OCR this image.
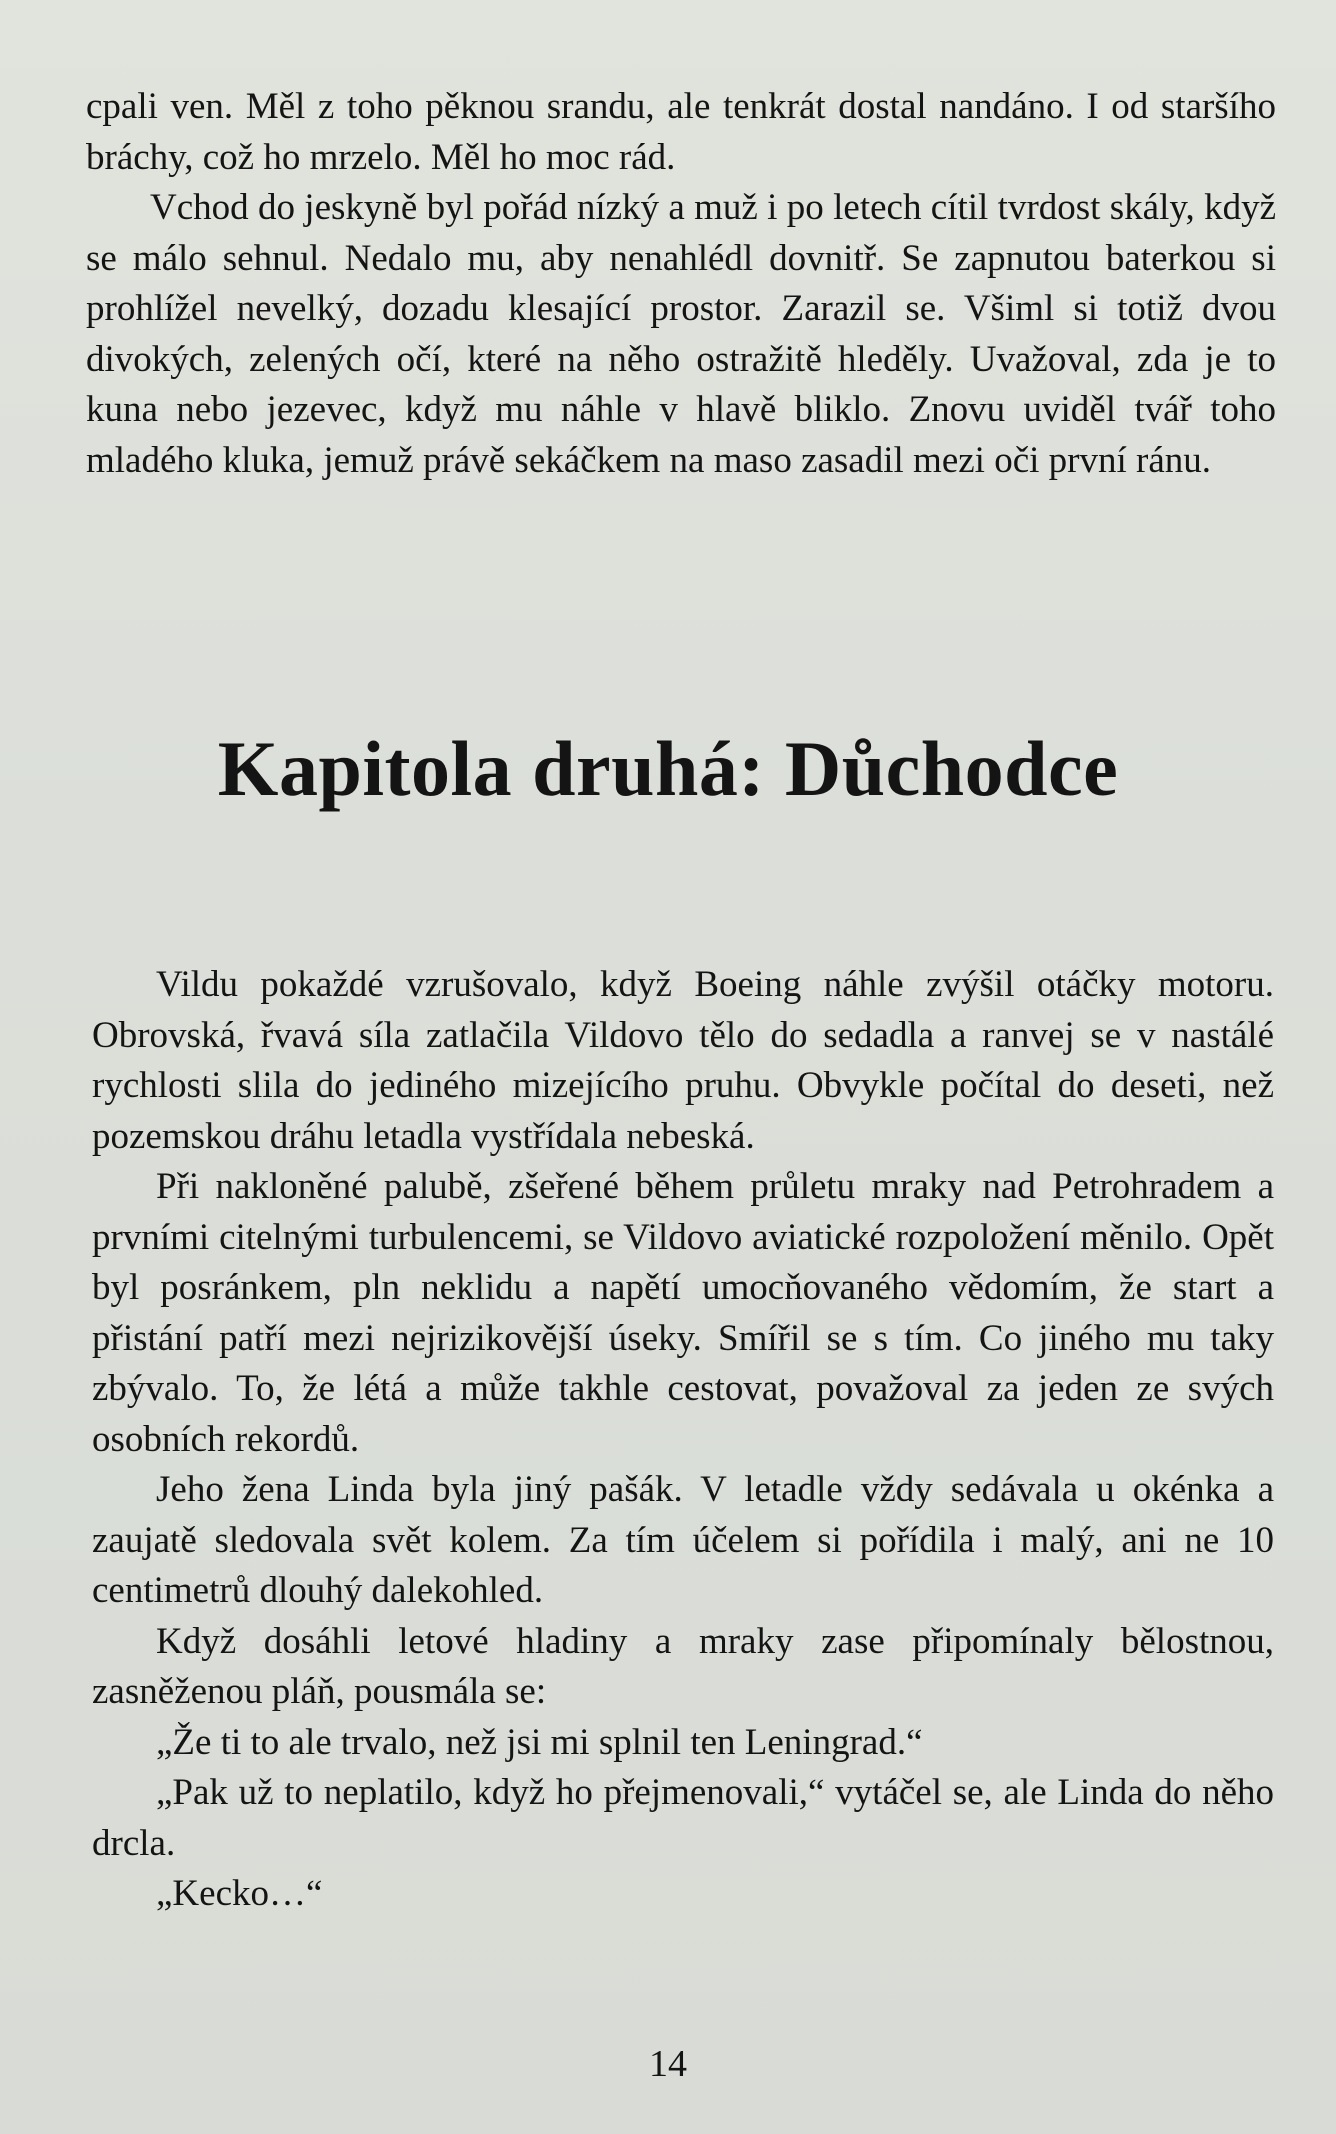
cpali ven. Měl z toho pěknou srandu, ale tenkrát dostal nandáno. I od staršího bráchy, což ho mrzelo. Měl ho moc rád.

Vchod do jeskyně byl pořád nízký a muž i po letech cítil tvrdost skály, když se málo sehnul. Nedalo mu, aby nenahlédl dovnitř. Se zapnutou baterkou si prohlížel nevelký, dozadu klesající prostor. Zarazil se. Všiml si totiž dvou divokých, zelených očí, které na něho ostražitě hleděly. Uvažoval, zda je to kuna nebo jezevec, když mu náhle v hlavě bliklo. Znovu uviděl tvář toho mladého kluka, jemuž právě sekáčkem na maso zasadil mezi oči první ránu.

Kapitola druhá: Důchodce

Vildu pokaždé vzrušovalo, když Boeing náhle zvýšil otáčky motoru. Obrovská, řvavá síla zatlačila Vildovo tělo do sedadla a ranvej se v nastálé rychlosti slila do jediného mizejícího pruhu. Obvykle počítal do deseti, než pozemskou dráhu letadla vystřídala nebeská.

Při nakloněné palubě, zšeřené během průletu mraky nad Petrohradem a prvními citelnými turbulencemi, se Vildovo aviatické rozpoložení měnilo. Opět byl posránkem, pln neklidu a napětí umocňovaného vědomím, že start a přistání patří mezi nejrizikovější úseky. Smířil se s tím. Co jiného mu taky zbývalo. To, že létá a může takhle cestovat, považoval za jeden ze svých osobních rekordů.

Jeho žena Linda byla jiný pašák. V letadle vždy sedávala u okénka a zaujatě sledovala svět kolem. Za tím účelem si pořídila i malý, ani ne 10 centimetrů dlouhý dalekohled.

Když dosáhli letové hladiny a mraky zase připomínaly bělostnou, zasněženou pláň, pousmála se:

„Že ti to ale trvalo, než jsi mi splnil ten Leningrad.“

„Pak už to neplatilo, když ho přejmenovali,“ vytáčel se, ale Linda do něho drcla.

„Kecko…“

14
